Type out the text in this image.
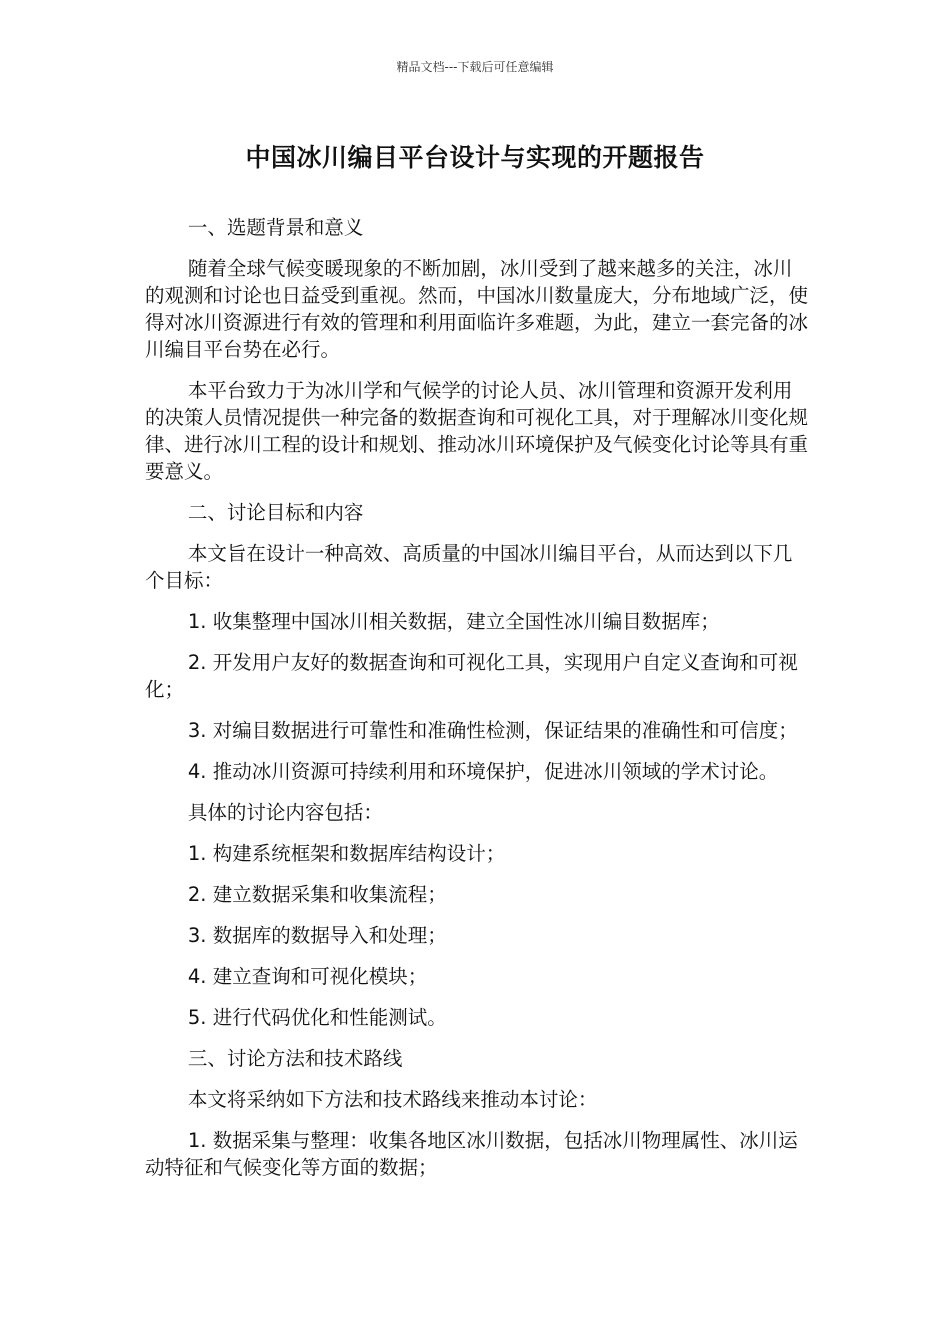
精品文档---下载后可任意编辑
中国冰川编目平台设计与实现的开题报告

一、选题背景和意义

随着全球气候变暖现象的不断加剧，冰川受到了越来越多的关注，冰川的观测和讨论也日益受到重视。然而，中国冰川数量庞大，分布地域广泛，使得对冰川资源进行有效的管理和利用面临许多难题，为此，建立一套完备的冰川编目平台势在必行。

本平台致力于为冰川学和气候学的讨论人员、冰川管理和资源开发利用的决策人员情况提供一种完备的数据查询和可视化工具，对于理解冰川变化规律、进行冰川工程的设计和规划、推动冰川环境保护及气候变化讨论等具有重要意义。

二、讨论目标和内容

本文旨在设计一种高效、高质量的中国冰川编目平台，从而达到以下几个目标：

1. 收集整理中国冰川相关数据，建立全国性冰川编目数据库；

2. 开发用户友好的数据查询和可视化工具，实现用户自定义查询和可视化；

3. 对编目数据进行可靠性和准确性检测，保证结果的准确性和可信度；

4. 推动冰川资源可持续利用和环境保护，促进冰川领域的学术讨论。

具体的讨论内容包括：

1. 构建系统框架和数据库结构设计；

2. 建立数据采集和收集流程；

3. 数据库的数据导入和处理；

4. 建立查询和可视化模块；

5. 进行代码优化和性能测试。

三、讨论方法和技术路线

本文将采纳如下方法和技术路线来推动本讨论：

1. 数据采集与整理：收集各地区冰川数据，包括冰川物理属性、冰川运动特征和气候变化等方面的数据；
